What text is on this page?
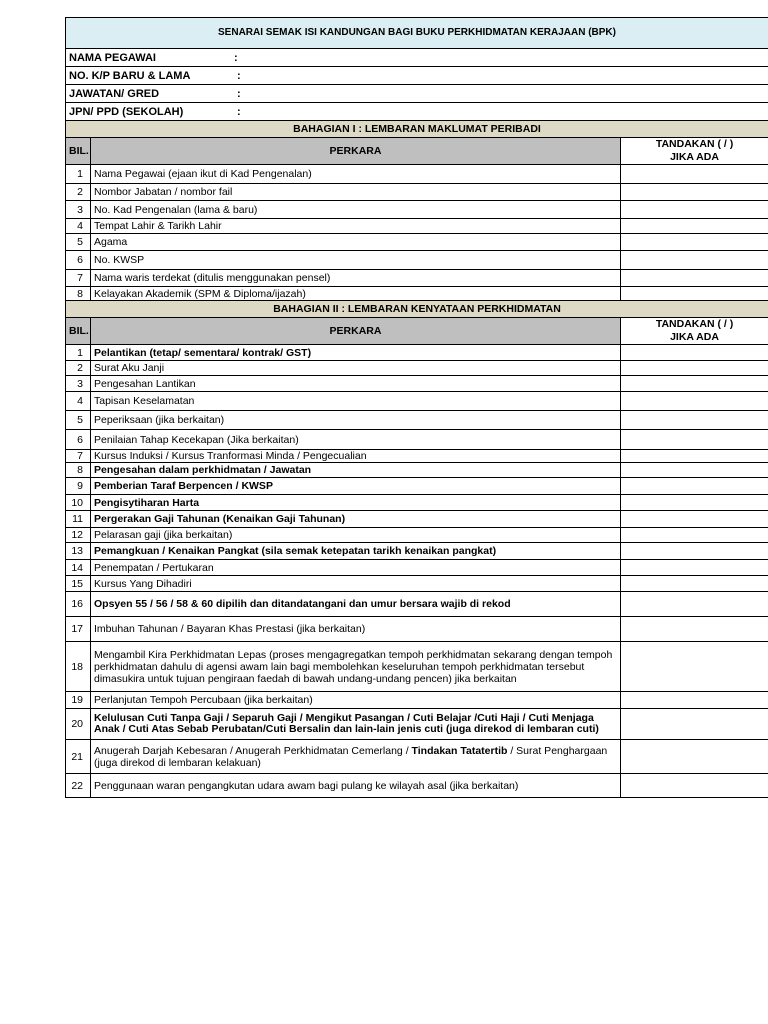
SENARAI SEMAK ISI KANDUNGAN BAGI BUKU PERKHIDMATAN KERAJAAN (BPK)		
NAMA PEGAWAI :		
NO. K/P BARU & LAMA :		
JAWATAN/ GRED :		
JPN/ PPD (SEKOLAH) :		
BAHAGIAN I : LEMBARAN MAKLUMAT PERIBADI		
BIL.	PERKARA	TANDAKAN ( / )
JIKA ADA
1	Nama Pegawai (ejaan ikut di Kad Pengenalan)	
2	Nombor Jabatan / nombor fail	
3	No. Kad Pengenalan (lama & baru)	
4	Tempat Lahir & Tarikh Lahir	
5	Agama	
6	No. KWSP	
7	Nama waris terdekat (ditulis menggunakan pensel)	
8	Kelayakan Akademik (SPM & Diploma/ijazah)	
BAHAGIAN II : LEMBARAN KENYATAAN PERKHIDMATAN		
BIL.	PERKARA	TANDAKAN ( / )
JIKA ADA
1	Pelantikan (tetap/ sementara/ kontrak/ GST)	
2	Surat Aku Janji	
3	Pengesahan Lantikan	
4	Tapisan Keselamatan	
5	Peperiksaan (jika berkaitan)	
6	Penilaian Tahap Kecekapan (Jika berkaitan)	
7	Kursus Induksi / Kursus Tranformasi Minda / Pengecualian	
8	Pengesahan dalam perkhidmatan / Jawatan	
9	Pemberian Taraf Berpencen / KWSP	
10	Pengisytiharan Harta	
11	Pergerakan Gaji Tahunan (Kenaikan Gaji Tahunan)	
12	Pelarasan gaji (jika berkaitan)	
13	Pemangkuan / Kenaikan Pangkat (sila semak ketepatan tarikh kenaikan pangkat)	
14	Penempatan / Pertukaran	
15	Kursus Yang Dihadiri	
16	Opsyen 55 / 56 / 58 & 60 dipilih dan ditandatangani dan umur bersara wajib di rekod	
17	Imbuhan Tahunan / Bayaran Khas Prestasi (jika berkaitan)	
18	Mengambil Kira Perkhidmatan Lepas (proses mengagregatkan tempoh perkhidmatan sekarang dengan tempoh perkhidmatan dahulu di agensi awam lain bagi membolehkan keseluruhan tempoh perkhidmatan tersebut dimasukira untuk tujuan pengiraan faedah di bawah undang-undang pencen) jika berkaitan	
19	Perlanjutan Tempoh Percubaan (jika berkaitan)	
20	Kelulusan Cuti Tanpa Gaji / Separuh Gaji / Mengikut Pasangan / Cuti Belajar /Cuti Haji / Cuti Menjaga Anak / Cuti Atas Sebab Perubatan/Cuti Bersalin dan lain-lain jenis cuti (juga direkod di lembaran cuti)	
21	Anugerah Darjah Kebesaran / Anugerah Perkhidmatan Cemerlang / Tindakan Tatatertib / Surat Penghargaan (juga direkod di lembaran kelakuan)	
22	Penggunaan waran pengangkutan udara awam bagi pulang ke wilayah asal (jika berkaitan)	
